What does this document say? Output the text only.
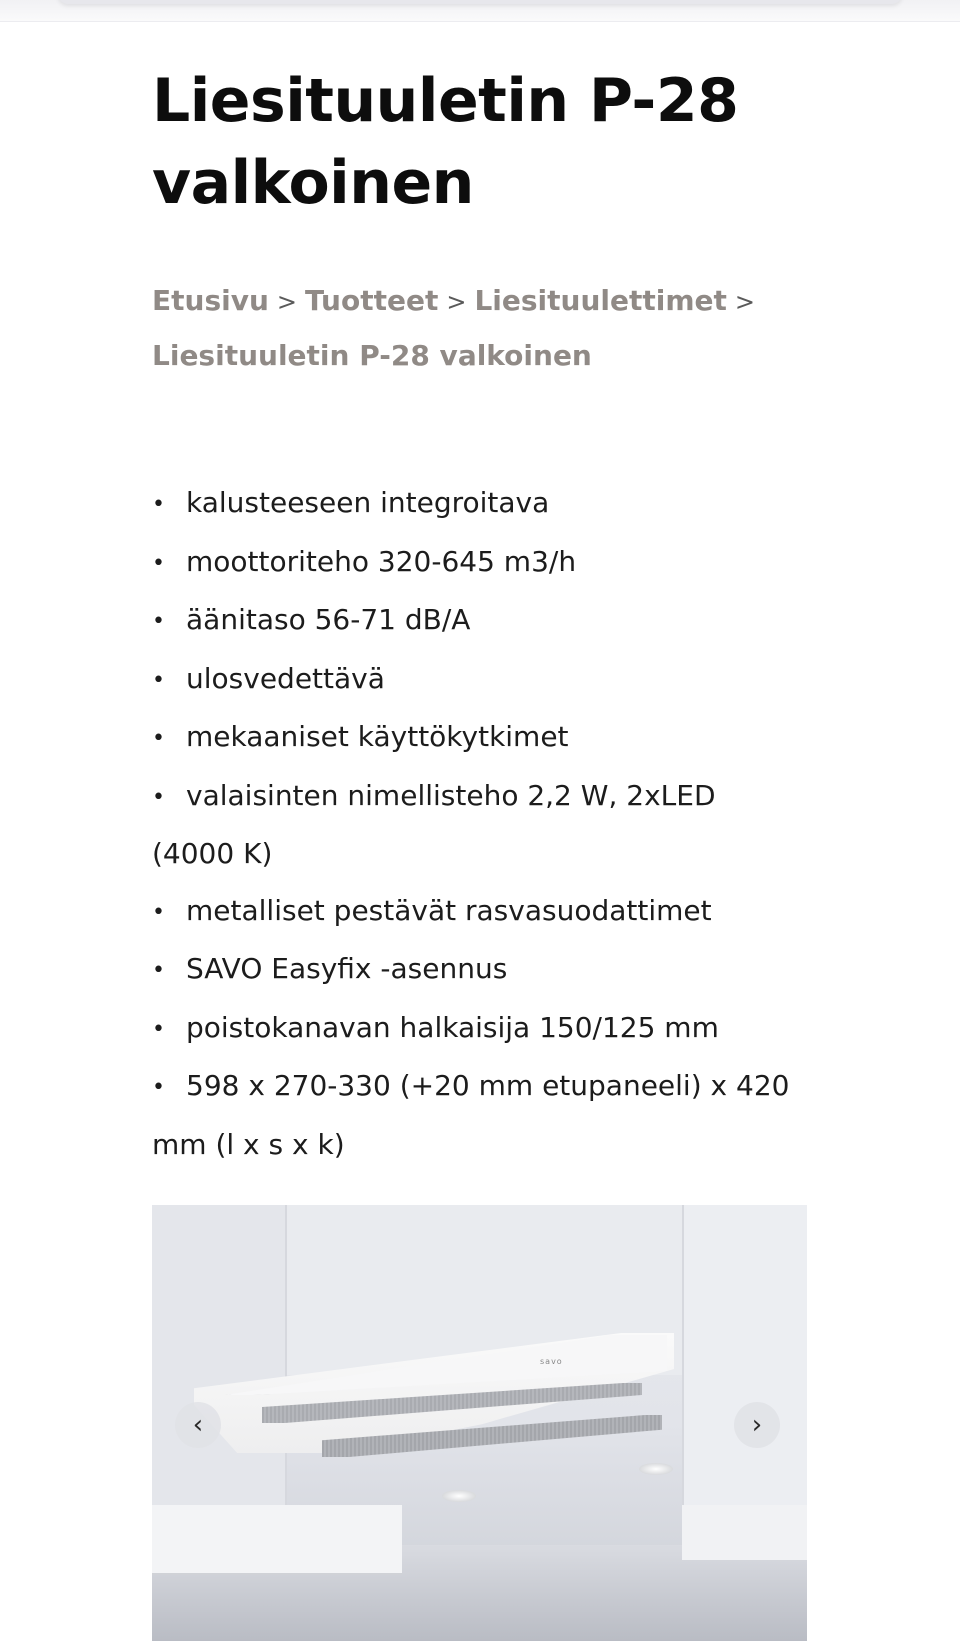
Liesituuletin P-28
valkoinen
Etusivu > Tuotteet > Liesituulettimet >
Liesituuletin P-28 valkoinen
• kalusteeseen integroitava
• moottoriteho 320-645 m3/h
• äänitaso 56-71 dB/A
• ulosvedettävä
• mekaaniset käyttökytkimet
• valaisinten nimellisteho 2,2 W, 2xLED (4000 K)
• metalliset pestävät rasvasuodattimet
• SAVO Easyfix -asennus
• poistokanavan halkaisija 150/125 mm
• 598 x 270-330 (+20 mm etupaneeli) x 420 mm (l x s x k)
savo
‹	›
